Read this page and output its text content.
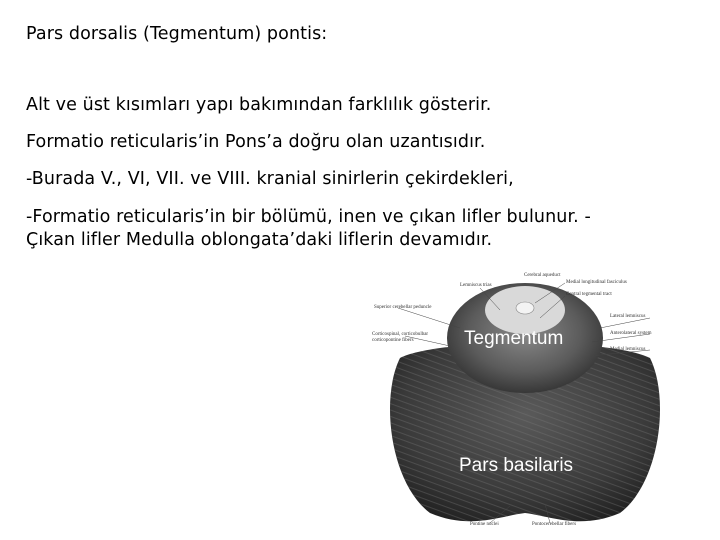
Pars dorsalis (Tegmentum) pontis:
Alt ve üst kısımları yapı bakımından farklılık gösterir.
Formatio reticularis’in Pons’a doğru olan uzantısıdır.
-Burada V., VI, VII. ve VIII. kranial sinirlerin çekirdekleri,
-Formatio reticularis’in bir bölümü, inen ve çıkan lifler bulunur. -
Çıkan lifler Medulla oblongata’daki liflerin devamıdır.
Cerebral aqueduct
Lemniscus trias
Medial longitudinal fasciculus
Central tegmental tract
Superior cerebellar peduncle
Lateral lemniscus
Corticospinal, corticobulbar corticopontine fibers
Anterolateral system
Medial lemniscus
Pontine nuclei	Pontocerebellar fibers
Tegmentum
Pars basilaris
